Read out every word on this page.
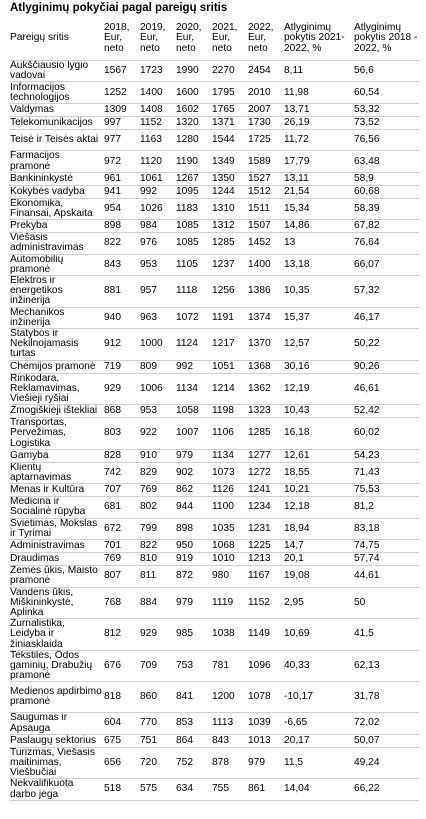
Atlyginimų pokyčiai pagal pareigų sritis
Pareigų sritis	2018, Eur, neto	2019, Eur, neto	2020, Eur, neto	2021, Eur, neto	2022, Eur, neto	Atlyginimų pokytis 2021-2022, %	Atlyginimų pokytis 2018 - 2022, %
Aukščiausio lygio vadovai	1567	1723	1990	2270	2454	8,11	56,6
Informacijos technologijos	1252	1400	1600	1795	2010	11,98	60,54
Valdymas	1309	1408	1602	1765	2007	13,71	53,32
Telekomunikacijos	997	1152	1320	1371	1730	26,19	73,52
Teisė ir Teisės aktai	977	1163	1280	1544	1725	11,72	76,56
Farmacijos pramonė	972	1120	1190	1349	1589	17,79	63,48
Bankininkystė	961	1061	1267	1350	1527	13,11	58,9
Kokybės vadyba	941	992	1095	1244	1512	21,54	60,68
Ekonomika, Finansai, Apskaita	954	1026	1183	1310	1511	15,34	58,39
Prekyba	898	984	1085	1312	1507	14,86	67,82
Viešasis administravimas	822	976	1085	1285	1452	13	76,64
Automobilių pramonė	843	953	1105	1237	1400	13,18	66,07
Elektros ir energetikos inžinerija	881	957	1118	1256	1386	10,35	57,32
Mechanikos inžinerija	940	963	1072	1191	1374	15,37	46,17
Statybos ir Nekilnojamasis turtas	912	1000	1124	1217	1370	12,57	50,22
Chemijos pramonė	719	809	992	1051	1368	30,16	90,26
Rinkodara, Reklamavimas, Viešieji ryšiai	929	1006	1134	1214	1362	12,19	46,61
Žmogiškieji ištekliai	868	953	1058	1198	1323	10,43	52,42
Transportas, Pervežimas, Logistika	803	922	1007	1106	1285	16,18	60,02
Gamyba	828	910	979	1134	1277	12,61	54,23
Klientų aptarnavimas	742	829	902	1073	1272	18,55	71,43
Menas ir Kultūra	707	769	862	1126	1241	10,21	75,53
Medicina ir Socialinė rūpyba	681	802	944	1100	1234	12,18	81,2
Švietimas, Mokslas ir Tyrimai	672	799	898	1035	1231	18,94	83,18
Administravimas	701	822	950	1068	1225	14,7	74,75
Draudimas	769	810	919	1010	1213	20,1	57,74
Žemės ūkis, Maisto pramonė	807	811	872	980	1167	19,08	44,61
Vandens ūkis, Miškininkystė, Aplinka	768	884	979	1119	1152	2,95	50
Žurnalistika, Leidyba ir žiniasklaida	812	929	985	1038	1149	10,69	41,5
Tekstilės, Odos gaminių, Drabužių pramonė	676	709	753	781	1096	40,33	62,13
Medienos apdirbimo pramonė	818	860	841	1200	1078	-10,17	31,78
Saugumas ir Apsauga	604	770	853	1113	1039	-6,65	72,02
Paslaugų sektorius	675	751	864	843	1013	20,17	50,07
Turizmas, Viešasis maitinimas, Viešbučiai	656	720	752	878	979	11,5	49,24
Nekvalifikuota darbo jėga	518	575	634	755	861	14,04	66,22
